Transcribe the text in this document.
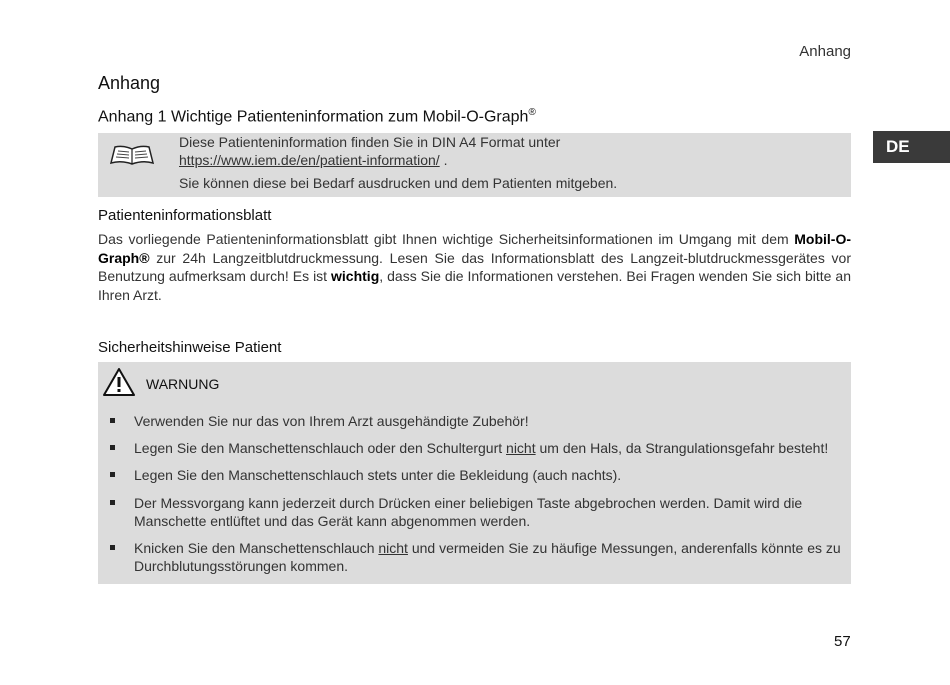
Anhang
DE
Anhang
Anhang 1 Wichtige Patienteninformation zum Mobil-O-Graph®
Diese Patienteninformation finden Sie in DIN A4 Format unter
https://www.iem.de/en/patient-information/ .
Sie können diese bei Bedarf ausdrucken und dem Patienten mitgeben.
Patienteninformationsblatt

Das vorliegende Patienteninformationsblatt gibt Ihnen wichtige Sicherheitsinformationen im Umgang mit dem Mobil-O-Graph® zur 24h Langzeitblutdruckmessung. Lesen Sie das Informationsblatt des Langzeit-blutdruckmessgerätes vor Benutzung aufmerksam durch! Es ist wichtig, dass Sie die Informationen verstehen. Bei Fragen wenden Sie sich bitte an Ihren Arzt.

Sicherheitshinweise Patient
WARNUNG
Verwenden Sie nur das von Ihrem Arzt ausgehändigte Zubehör!
Legen Sie den Manschettenschlauch oder den Schultergurt nicht um den Hals, da Strangulationsgefahr besteht!
Legen Sie den Manschettenschlauch stets unter die Bekleidung (auch nachts).
Der Messvorgang kann jederzeit durch Drücken einer beliebigen Taste abgebrochen werden. Damit wird die Manschette entlüftet und das Gerät kann abgenommen werden.
Knicken Sie den Manschettenschlauch nicht und vermeiden Sie zu häufige Messungen, anderenfalls könnte es zu Durchblutungsstörungen kommen.
57
